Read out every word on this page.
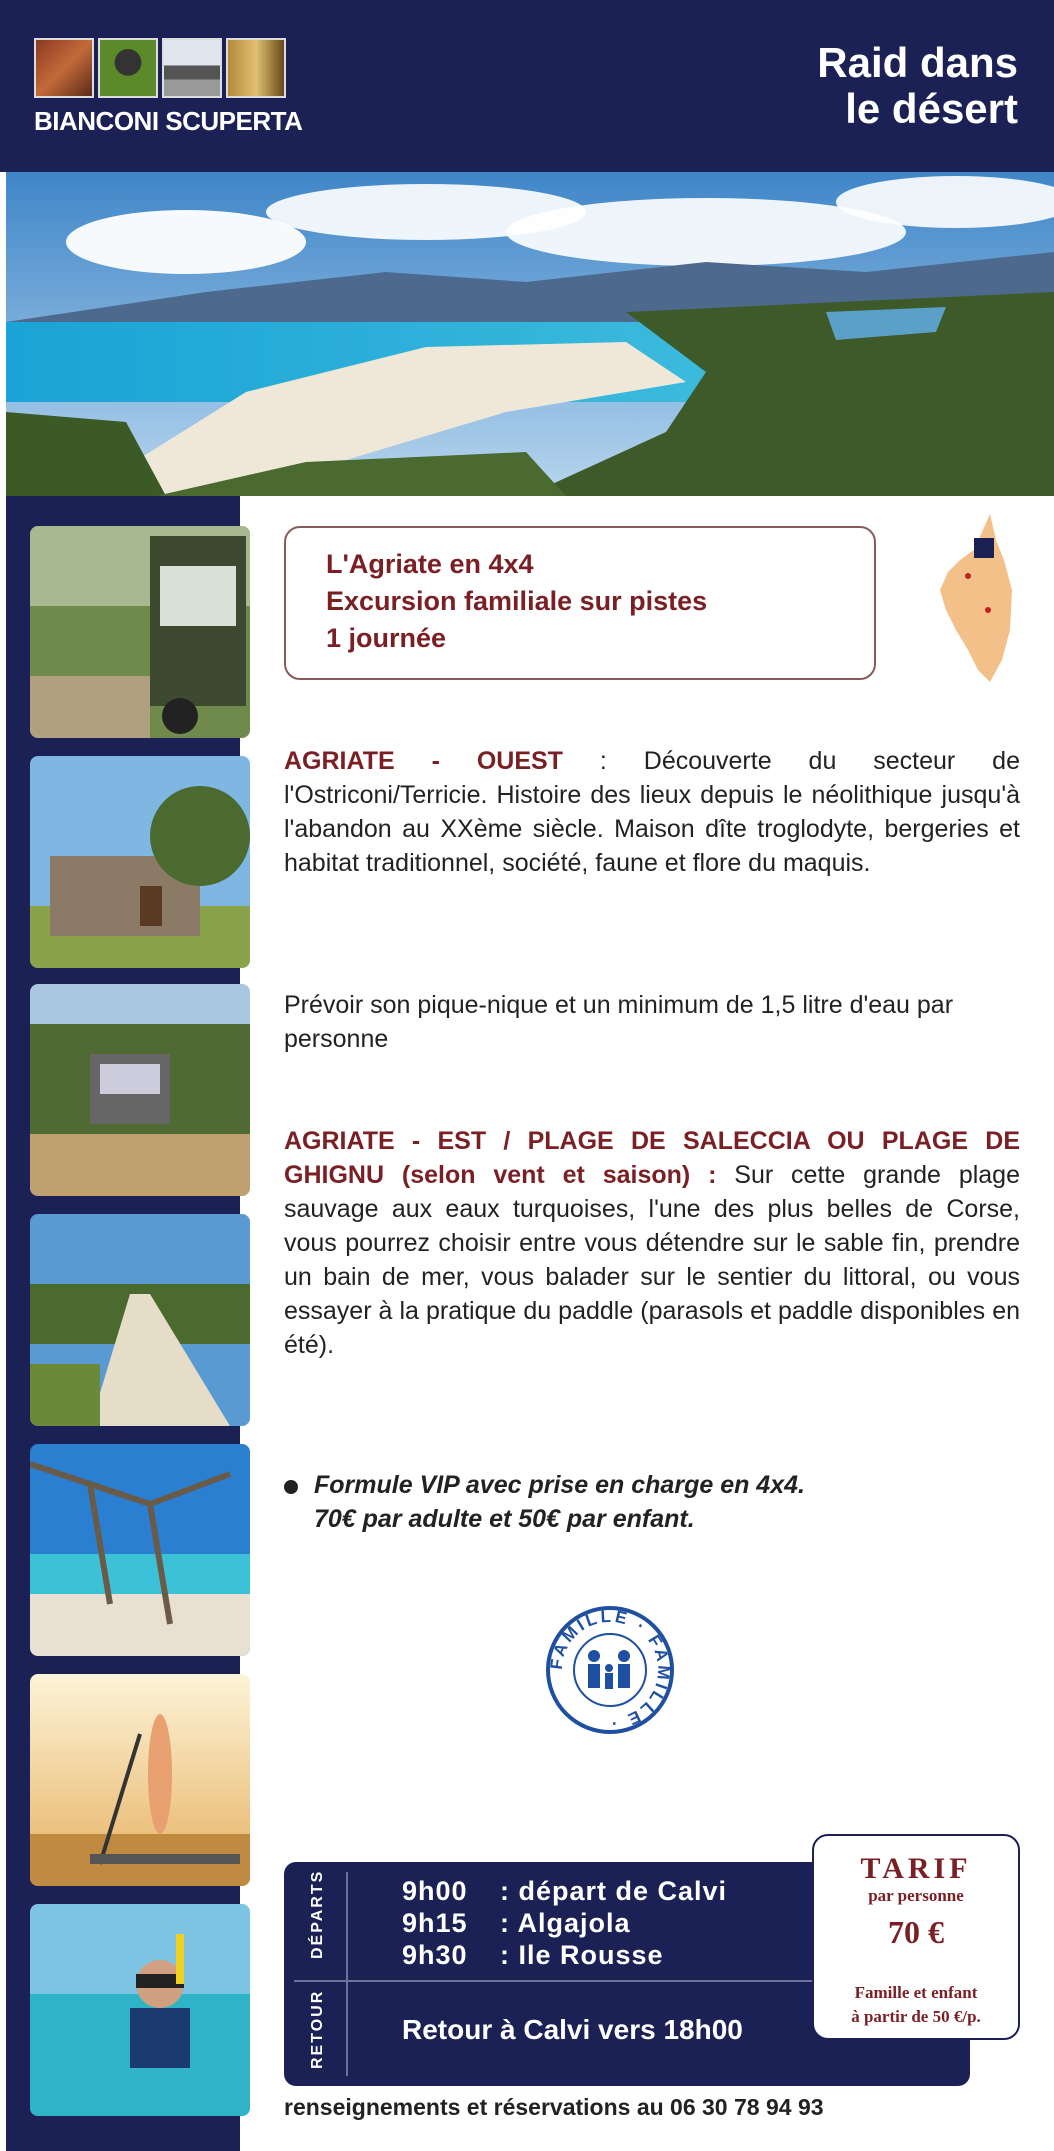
BIANCONI SCUPERTA
Raid dans
le désert
L'Agriate en 4x4
Excursion familiale sur pistes
1 journée

AGRIATE - OUEST : Découverte du secteur de l'Ostriconi/Terricie. Histoire des lieux depuis le néolithique jusqu'à l'abandon au XXème siècle. Maison dîte troglodyte, bergeries et habitat traditionnel, société, faune et flore du maquis.

Prévoir son pique-nique et un minimum de 1,5 litre d'eau par personne

AGRIATE - EST / PLAGE DE SALECCIA OU PLAGE DE GHIGNU (selon vent et saison) : Sur cette grande plage sauvage aux eaux turquoises, l'une des plus belles de Corse, vous pourrez choisir entre vous détendre sur le sable fin, prendre un bain de mer, vous balader sur le sentier du littoral, ou vous essayer à la pratique du paddle (parasols et paddle disponibles en été).

Formule VIP avec prise en charge en 4x4.
70€ par adulte et 50€ par enfant.
FAMILLE · FAMILLE ·
DÉPARTS
RETOUR
9h00 : départ de Calvi
9h15 : Algajola
9h30 : Ile Rousse
Retour à Calvi vers 18h00
TARIF
par personne
70 €
Famille et enfant
à partir de 50 €/p.
renseignements et réservations au 06 30 78 94 93
